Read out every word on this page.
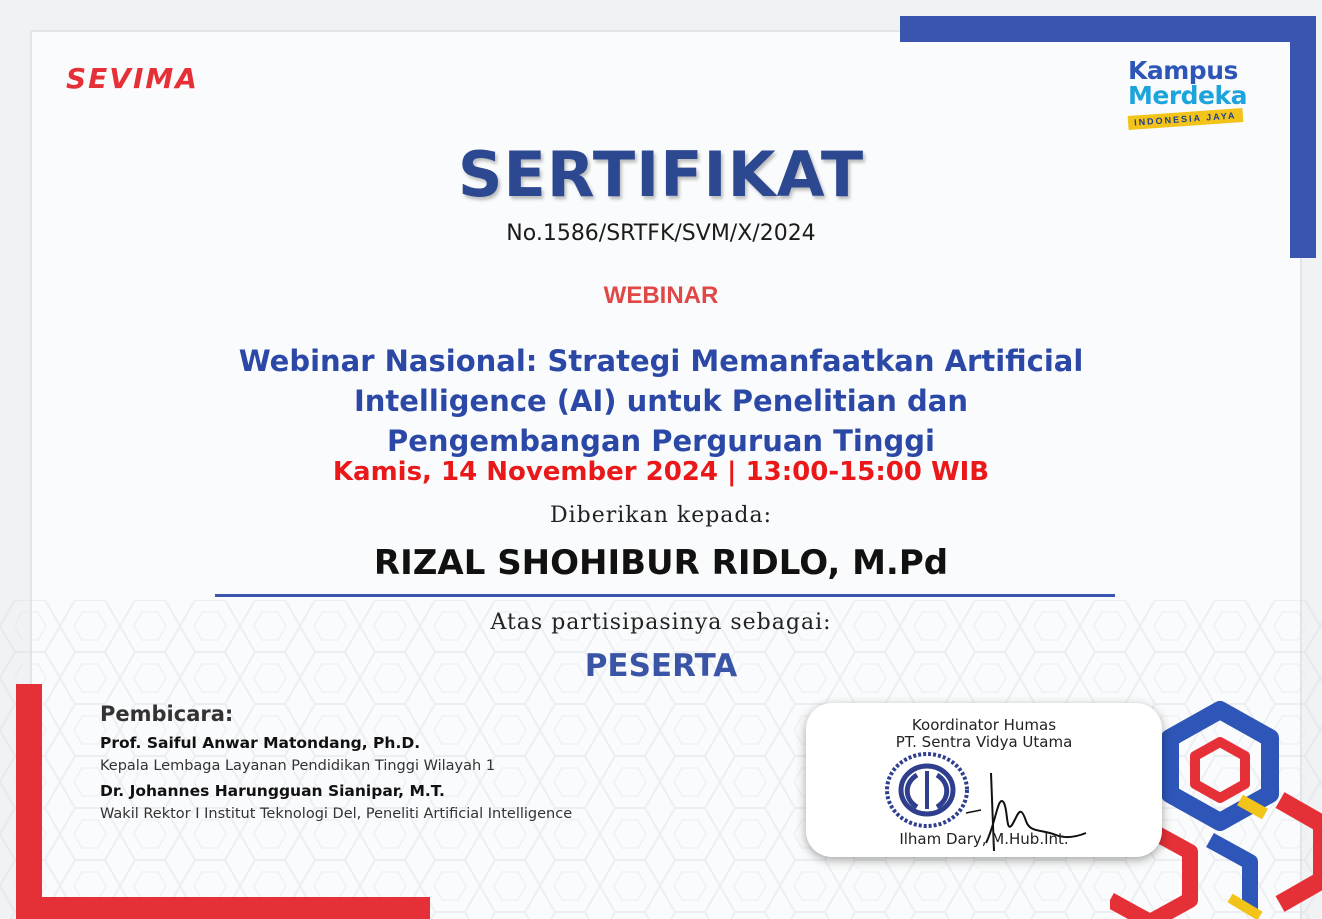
SEVIMA	Kampus
Merdeka
INDONESIA JAYA
SERTIFIKAT
No.1586/SRTFK/SVM/X/2024
WEBINAR
Webinar Nasional: Strategi Memanfaatkan Artificial Intelligence (AI) untuk Penelitian dan Pengembangan Perguruan Tinggi
Kamis, 14 November 2024 | 13:00-15:00 WIB
Diberikan kepada:
RIZAL SHOHIBUR RIDLO, M.Pd
Atas partisipasinya sebagai:
PESERTA
Pembicara:
Prof. Saiful Anwar Matondang, Ph.D.
Kepala Lembaga Layanan Pendidikan Tinggi Wilayah 1
Dr. Johannes Harungguan Sianipar, M.T.
Wakil Rektor I Institut Teknologi Del, Peneliti Artificial Intelligence
Koordinator Humas
PT. Sentra Vidya Utama
Ilham Dary, M.Hub.Int.
